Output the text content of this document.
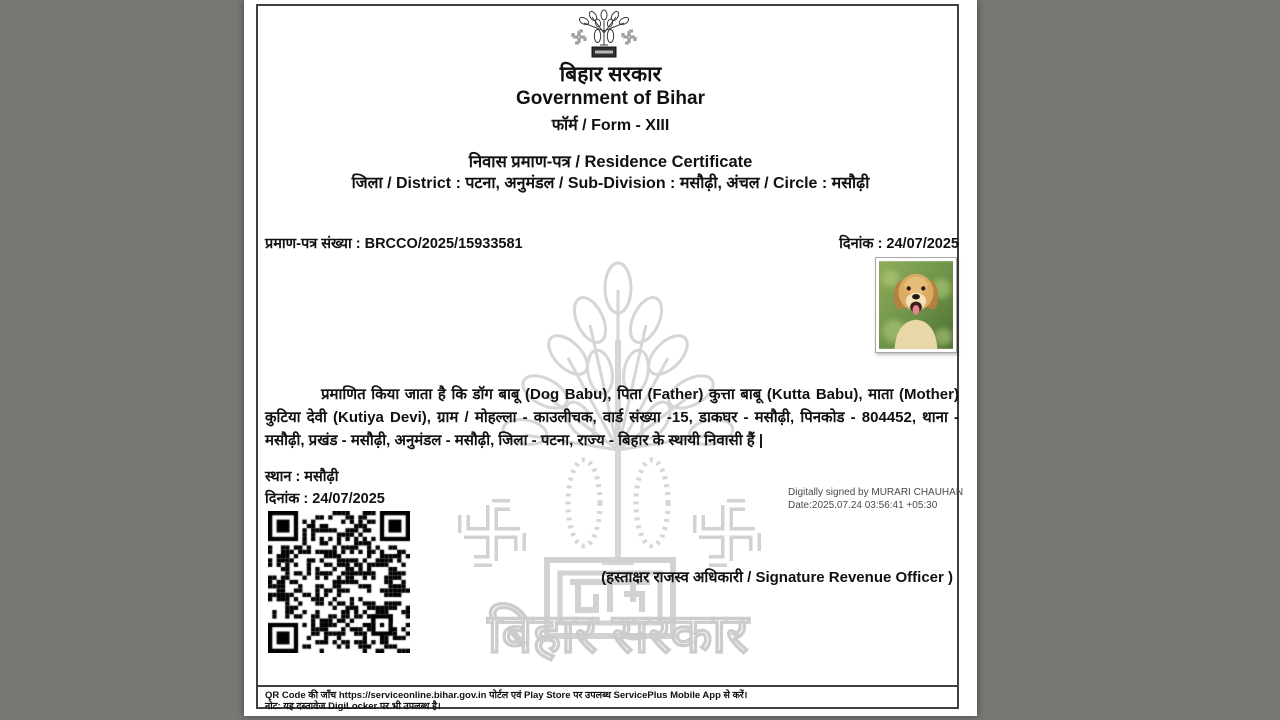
बिहार सरकार
बिहार सरकार
Government of Bihar
फॉर्म / Form - XIII
निवास प्रमाण-पत्र / Residence Certificate
जिला / District : पटना, अनुमंडल / Sub-Division : मसौढ़ी, अंचल / Circle : मसौढ़ी
प्रमाण-पत्र संख्या : BRCCO/2025/15933581	दिनांक : 24/07/2025
प्रमाणित किया जाता है कि डॉग बाबू (Dog Babu), पिता (Father) कुत्ता बाबू (Kutta Babu), माता (Mother) कुटिया देवी (Kutiya Devi), ग्राम / मोहल्ला - काउलीचक, वार्ड संख्या -15, डाकघर - मसौढ़ी, पिनकोड - 804452, थाना - मसौढ़ी, प्रखंड - मसौढ़ी, अनुमंडल - मसौढ़ी, जिला - पटना, राज्य - बिहार के स्थायी निवासी हैं |
स्थान : मसौढ़ी
दिनांक : 24/07/2025	Digitally signed by MURARI CHAUHAN
Date:2025.07.24 03:56:41 +05:30
(हस्ताक्षर राजस्व अधिकारी / Signature Revenue Officer )
QR Code की जाँच https://serviceonline.bihar.gov.in पोर्टल एवं Play Store पर उपलब्ध ServicePlus Mobile App से करें।
नोट: यह दस्तावेज DigiLocker पर भी उपलब्ध है।
